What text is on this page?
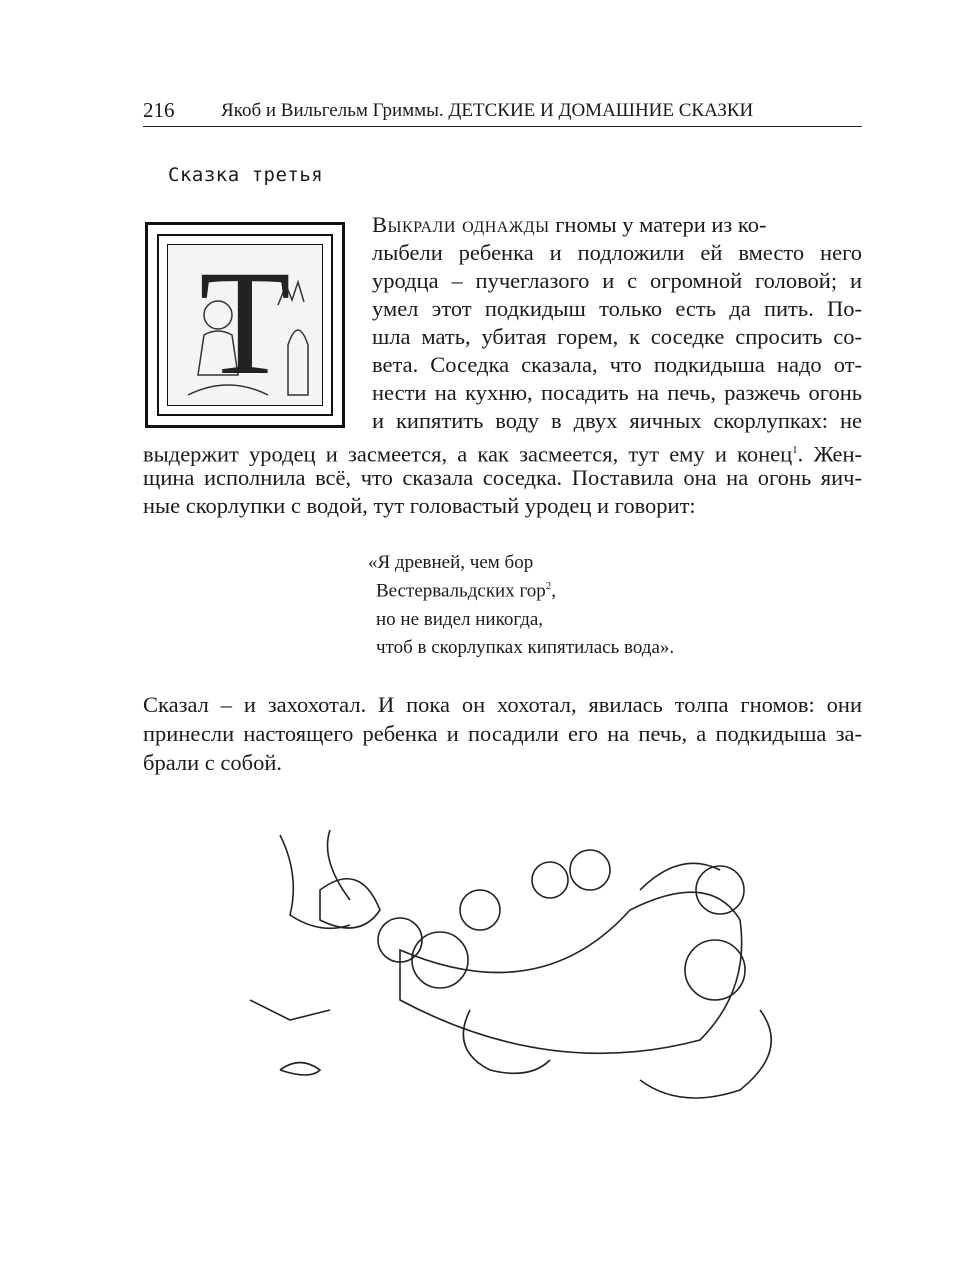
216 Якоб и Вильгельм Гриммы. ДЕТСКИЕ И ДОМАШНИЕ СКАЗКИ
Сказка третья
Т
Выкрали однажды гномы у матери из ко-
лыбели ребенка и подложили ей вместо него
уродца – пучеглазого и с огромной головой; и
умел этот подкидыш только есть да пить. По-
шла мать, убитая горем, к соседке спросить со-
вета. Соседка сказала, что подкидыша надо от-
нести на кухню, посадить на печь, разжечь огонь
и кипятить воду в двух яичных скорлупках: не
выдержит уродец и засмеется, а как засмеется, тут ему и конец$^1$. Жен-
щина исполнила всё, что сказала соседка. Поставила она на огонь яич-
ные скорлупки с водой, тут головастый уродец и говорит:
«Я древней, чем бор
Вестервальдских гор$^2$,
но не видел никогда,
чтоб в скорлупках кипятилась вода».
Сказал – и захохотал. И пока он хохотал, явилась толпа гномов: они
принесли настоящего ребенка и посадили его на печь, а подкидыша за-
брали с собой.
